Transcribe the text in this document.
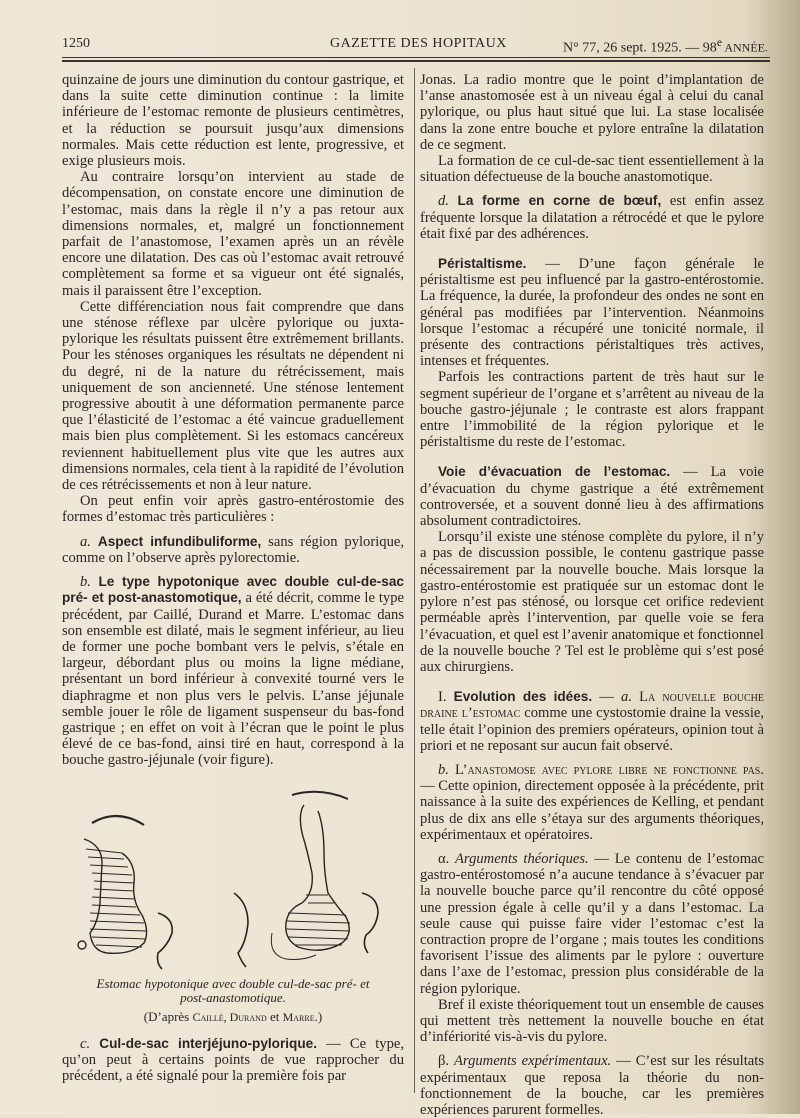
1250	GAZETTE DES HOPITAUX	N° 77, 26 sept. 1925. — 98e ANNÉE.

quinzaine de jours une diminution du contour gastrique, et dans la suite cette diminution continue : la limite inférieure de l’estomac remonte de plusieurs centimètres, et la réduction se poursuit jusqu’aux dimensions normales. Mais cette réduction est lente, progressive, et exige plusieurs mois.

Au contraire lorsqu’on intervient au stade de décompensation, on constate encore une diminution de l’estomac, mais dans la règle il n’y a pas retour aux dimensions normales, et, malgré un fonctionnement parfait de l’anastomose, l’examen après un an révèle encore une dilatation. Des cas où l’estomac avait retrouvé complètement sa forme et sa vigueur ont été signalés, mais il paraissent être l’exception.

Cette différenciation nous fait comprendre que dans une sténose réflexe par ulcère pylorique ou juxta-pylorique les résultats puissent être extrêmement brillants. Pour les sténoses organiques les résultats ne dépendent ni du degré, ni de la nature du rétrécissement, mais uniquement de son ancienneté. Une sténose lentement progressive aboutit à une déformation permanente parce que l’élasticité de l’estomac a été vaincue graduellement mais bien plus complètement. Si les estomacs cancéreux reviennent habituellement plus vite que les autres aux dimensions normales, cela tient à la rapidité de l’évolution de ces rétrécissements et non à leur nature.

On peut enfin voir après gastro-entérostomie des formes d’estomac très particulières :

a. Aspect infundibuliforme, sans région pylorique, comme on l’observe après pylorectomie.

b. Le type hypotonique avec double cul-de-sac pré- et post-anastomotique, a été décrit, comme le type précédent, par Caillé, Durand et Marre. L’estomac dans son ensemble est dilaté, mais le segment inférieur, au lieu de former une poche bombant vers le pelvis, s’étale en largeur, débordant plus ou moins la ligne médiane, présentant un bord inférieur à convexité tourné vers le diaphragme et non plus vers le pelvis. L’anse jéjunale semble jouer le rôle de ligament suspenseur du bas-fond gastrique ; en effet on voit à l’écran que le point le plus élevé de ce bas-fond, ainsi tiré en haut, correspond à la bouche gastro-jéjunale (voir figure).

Estomac hypotonique avec double cul-de-sac pré- et post-anastomotique.
(D’après Caillé, Durand et Marre.)

c. Cul-de-sac interjéjuno-pylorique. — Ce type, qu’on peut à certains points de vue rapprocher du précédent, a été signalé pour la première fois par

Jonas. La radio montre que le point d’implantation de l’anse anastomosée est à un niveau égal à celui du canal pylorique, ou plus haut situé que lui. La stase localisée dans la zone entre bouche et pylore entraîne la dilatation de ce segment.

La formation de ce cul-de-sac tient essentiellement à la situation défectueuse de la bouche anastomotique.

d. La forme en corne de bœuf, est enfin assez fréquente lorsque la dilatation a rétrocédé et que le pylore était fixé par des adhérences.

Péristaltisme. — D’une façon générale le péristaltisme est peu influencé par la gastro-entérostomie. La fréquence, la durée, la profondeur des ondes ne sont en général pas modifiées par l’intervention. Néanmoins lorsque l’estomac a récupéré une tonicité normale, il présente des contractions péristaltiques très actives, intenses et fréquentes.

Parfois les contractions partent de très haut sur le segment supérieur de l’organe et s’arrêtent au niveau de la bouche gastro-jéjunale ; le contraste est alors frappant entre l’immobilité de la région pylorique et le péristaltisme du reste de l’estomac.

Voie d’évacuation de l’estomac. — La voie d’évacuation du chyme gastrique a été extrêmement controversée, et a souvent donné lieu à des affirmations absolument contradictoires.

Lorsqu’il existe une sténose complète du pylore, il n’y a pas de discussion possible, le contenu gastrique passe nécessairement par la nouvelle bouche. Mais lorsque la gastro-entérostomie est pratiquée sur un estomac dont le pylore n’est pas sténosé, ou lorsque cet orifice redevient perméable après l’intervention, par quelle voie se fera l’évacuation, et quel est l’avenir anatomique et fonctionnel de la nouvelle bouche ? Tel est le problème qui s’est posé aux chirurgiens.

I. Evolution des idées. — a. La nouvelle bouche draine l’estomac comme une cystostomie draine la vessie, telle était l’opinion des premiers opérateurs, opinion tout à priori et ne reposant sur aucun fait observé.

b. L’anastomose avec pylore libre ne fonctionne pas. — Cette opinion, directement opposée à la précédente, prit naissance à la suite des expériences de Kelling, et pendant plus de dix ans elle s’étaya sur des arguments théoriques, expérimentaux et opératoires.

α. Arguments théoriques. — Le contenu de l’estomac gastro-entérostomosé n’a aucune tendance à s’évacuer par la nouvelle bouche parce qu’il rencontre du côté opposé une pression égale à celle qu’il y a dans l’estomac. La seule cause qui puisse faire vider l’estomac c’est la contraction propre de l’organe ; mais toutes les conditions favorisent l’issue des aliments par le pylore : ouverture dans l’axe de l’estomac, pression plus considérable de la région pylorique.

Bref il existe théoriquement tout un ensemble de causes qui mettent très nettement la nouvelle bouche en état d’infériorité vis-à-vis du pylore.

β. Arguments expérimentaux. — C’est sur les résultats expérimentaux que reposa la théorie du non-fonctionnement de la bouche, car les premières expériences parurent formelles.
